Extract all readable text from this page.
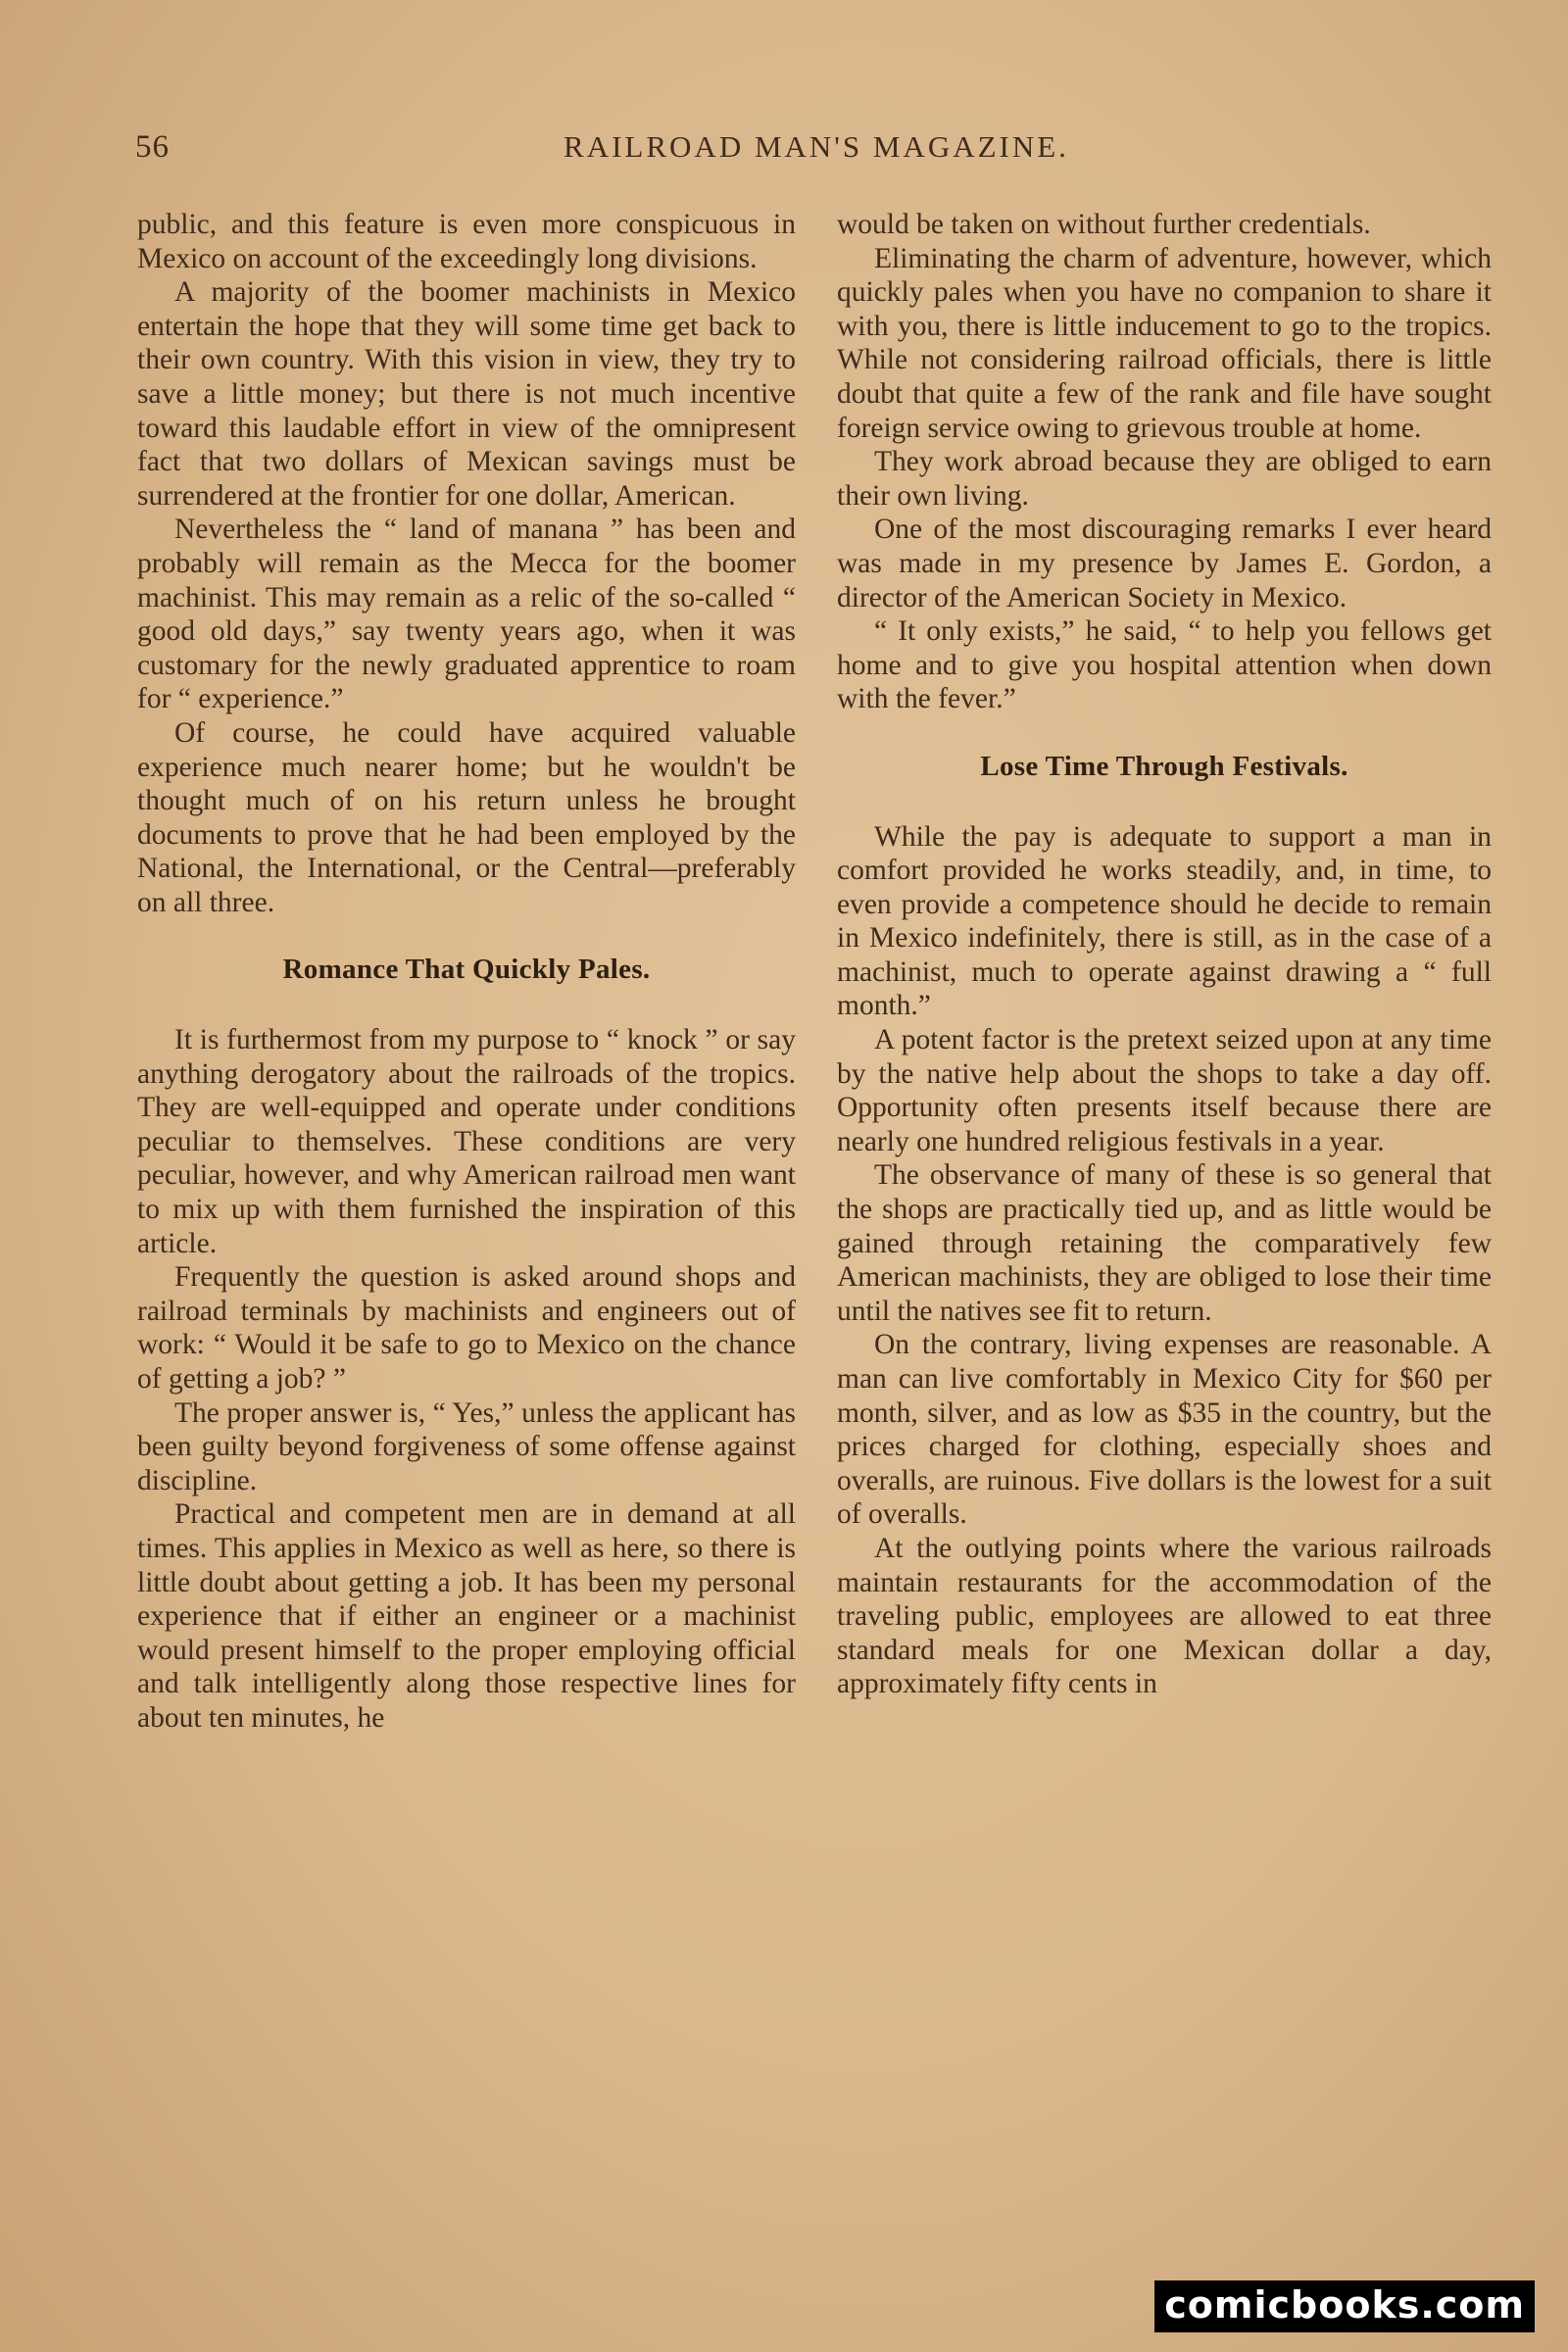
56	RAILROAD MAN'S MAGAZINE.

public, and this feature is even more conspicuous in Mexico on account of the exceedingly long divisions.

A majority of the boomer machinists in Mexico entertain the hope that they will some time get back to their own country. With this vision in view, they try to save a little money; but there is not much incentive toward this laudable effort in view of the omnipresent fact that two dollars of Mexican savings must be surrendered at the frontier for one dollar, American.

Nevertheless the “ land of manana ” has been and probably will remain as the Mecca for the boomer machinist. This may remain as a relic of the so-called “ good old days,” say twenty years ago, when it was customary for the newly graduated apprentice to roam for “ experience.”

Of course, he could have acquired valuable experience much nearer home; but he wouldn't be thought much of on his return unless he brought documents to prove that he had been employed by the National, the International, or the Central—preferably on all three.

Romance That Quickly Pales.

It is furthermost from my purpose to “ knock ” or say anything derogatory about the railroads of the tropics. They are well-equipped and operate under conditions peculiar to themselves. These conditions are very peculiar, however, and why American railroad men want to mix up with them furnished the inspiration of this article.

Frequently the question is asked around shops and railroad terminals by machinists and engineers out of work: “ Would it be safe to go to Mexico on the chance of getting a job? ”

The proper answer is, “ Yes,” unless the applicant has been guilty beyond forgiveness of some offense against discipline.

Practical and competent men are in demand at all times. This applies in Mexico as well as here, so there is little doubt about getting a job. It has been my personal experience that if either an engineer or a machinist would present himself to the proper employing official and talk intelligently along those respective lines for about ten minutes, he

would be taken on without further credentials.

Eliminating the charm of adventure, however, which quickly pales when you have no companion to share it with you, there is little inducement to go to the tropics. While not considering railroad officials, there is little doubt that quite a few of the rank and file have sought foreign service owing to grievous trouble at home.

They work abroad because they are obliged to earn their own living.

One of the most discouraging remarks I ever heard was made in my presence by James E. Gordon, a director of the American Society in Mexico.

“ It only exists,” he said, “ to help you fellows get home and to give you hospital attention when down with the fever.”

Lose Time Through Festivals.

While the pay is adequate to support a man in comfort provided he works steadily, and, in time, to even provide a competence should he decide to remain in Mexico indefinitely, there is still, as in the case of a machinist, much to operate against drawing a “ full month.”

A potent factor is the pretext seized upon at any time by the native help about the shops to take a day off. Opportunity often presents itself because there are nearly one hundred religious festivals in a year.

The observance of many of these is so general that the shops are practically tied up, and as little would be gained through retaining the comparatively few American machinists, they are obliged to lose their time until the natives see fit to return.

On the contrary, living expenses are reasonable. A man can live comfortably in Mexico City for $60 per month, silver, and as low as $35 in the country, but the prices charged for clothing, especially shoes and overalls, are ruinous. Five dollars is the lowest for a suit of overalls.

At the outlying points where the various railroads maintain restaurants for the accommodation of the traveling public, employees are allowed to eat three standard meals for one Mexican dollar a day, approximately fifty cents in

comicbooks.com
